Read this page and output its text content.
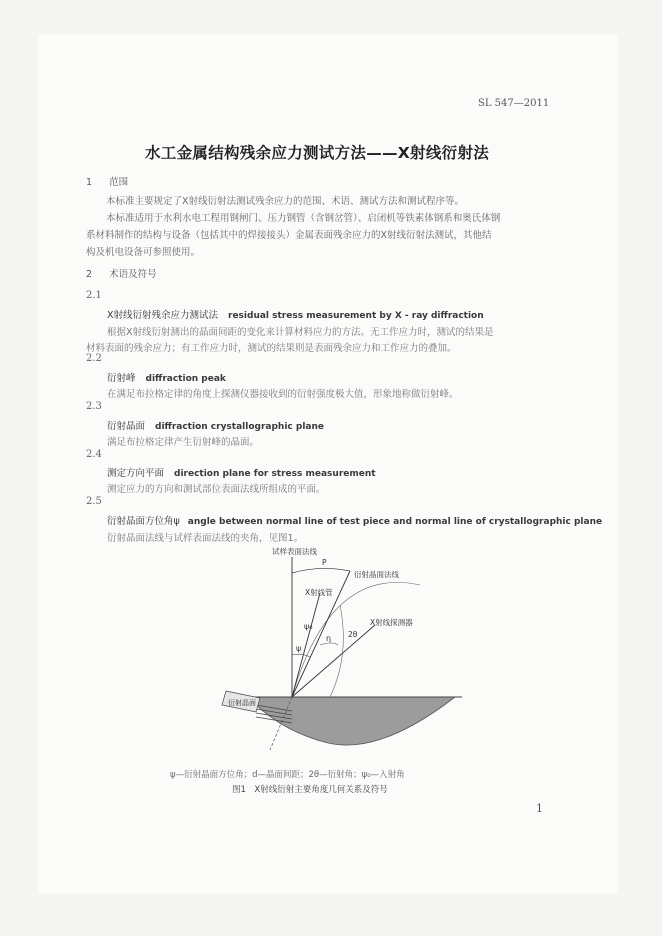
SL 547—2011
水工金属结构残余应力测试方法——X射线衍射法
1 范围

本标准主要规定了X射线衍射法测试残余应力的范围、术语、测试方法和测试程序等。

本标准适用于水利水电工程用钢闸门、压力钢管（含钢岔管）、启闭机等铁素体钢系和奥氏体钢

系材料制作的结构与设备（包括其中的焊接接头）金属表面残余应力的X射线衍射法测试，其他结

构及机电设备可参照使用。

2 术语及符号
2.1
X射线衍射残余应力测试法 residual stress measurement by X - ray diffraction
根据X射线衍射测出的晶面间距的变化来计算材料应力的方法。无工作应力时，测试的结果是
材料表面的残余应力；有工作应力时，测试的结果则是表面残余应力和工作应力的叠加。
2.2
衍射峰 diffraction peak
在满足布拉格定律的角度上探测仪器接收到的衍射强度极大值，形象地称做衍射峰。
2.3
衍射晶面 diffraction crystallographic plane
满足布拉格定律产生衍射峰的晶面。
2.4
测定方向平面 direction plane for stress measurement
测定应力的方向和测试部位表面法线所组成的平面。
2.5
衍射晶面方位角ψ angle between normal line of test piece and normal line of crystallographic plane
衍射晶面法线与试样表面法线的夹角，见图1。
衍射晶面
试样表面法线
衍射晶面法线
X射线管
X射线探测器
P
ψ
ψ₀
η 2θ
ψ—衍射晶面方位角；d—晶面间距；2θ—衍射角；ψ₀—入射角
图1　X射线衍射主要角度几何关系及符号
1
